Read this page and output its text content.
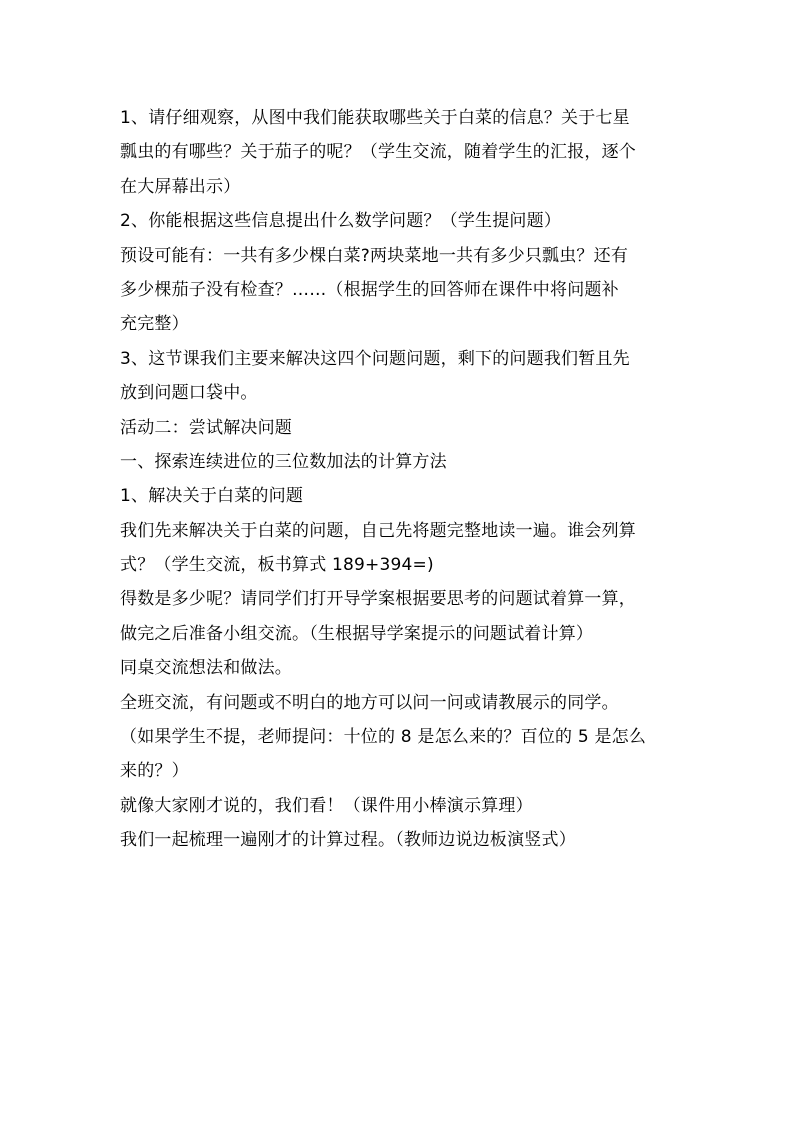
1、请仔细观察，从图中我们能获取哪些关于白菜的信息？关于七星
瓢虫的有哪些？关于茄子的呢？（学生交流，随着学生的汇报，逐个
在大屏幕出示）
2、你能根据这些信息提出什么数学问题？（学生提问题）
预设可能有：一共有多少棵白菜?两块菜地一共有多少只瓢虫？还有
多少棵茄子没有检查？……（根据学生的回答师在课件中将问题补
充完整）
3、这节课我们主要来解决这四个问题问题，剩下的问题我们暂且先
放到问题口袋中。
活动二：尝试解决问题
一、探索连续进位的三位数加法的计算方法
1、解决关于白菜的问题
我们先来解决关于白菜的问题，自己先将题完整地读一遍。谁会列算
式？（学生交流，板书算式 189+394=)
得数是多少呢？请同学们打开导学案根据要思考的问题试着算一算，
做完之后准备小组交流。（生根据导学案提示的问题试着计算）
同桌交流想法和做法。
全班交流，有问题或不明白的地方可以问一问或请教展示的同学。
（如果学生不提，老师提问：十位的 8 是怎么来的？百位的 5 是怎么
来的？）
就像大家刚才说的，我们看！（课件用小棒演示算理）
我们一起梳理一遍刚才的计算过程。（教师边说边板演竖式）
